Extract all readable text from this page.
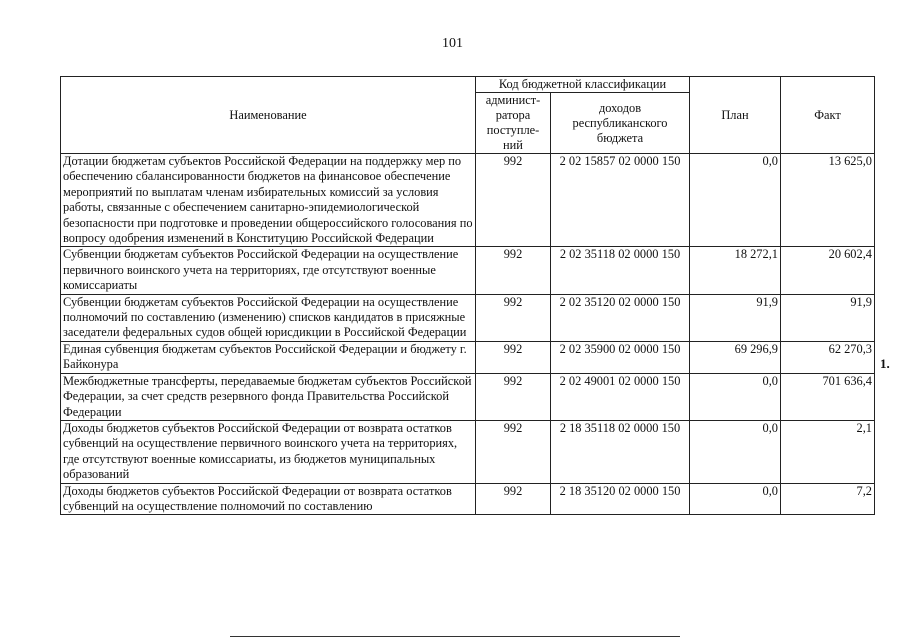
101
Наименование	Код бюджетной классификации		План	Факт
	админист-ратора поступле-ний	доходов республиканского бюджета		
Дотации бюджетам субъектов Российской Федерации на поддержку мер по обеспечению сбалансированности бюджетов на финансовое обеспечение мероприятий по выплатам членам избирательных комиссий за условия работы, связанные с обеспечением санитарно-эпидемиологической безопасности при подготовке и проведении общероссийского голосования по вопросу одобрения изменений в Конституцию Российской Федерации	992	2 02 15857 02 0000 150	0,0	13 625,0
Субвенции бюджетам субъектов Российской Федерации на осуществление первичного воинского учета на территориях, где отсутствуют военные комиссариаты	992	2 02 35118 02 0000 150	18 272,1	20 602,4
Субвенции бюджетам субъектов Российской Федерации на осуществление полномочий по составлению (изменению) списков кандидатов в присяжные заседатели федеральных судов общей юрисдикции в Российской Федерации	992	2 02 35120 02 0000 150	91,9	91,9
Единая субвенция бюджетам субъектов Российской Федерации и бюджету г. Байконура	992	2 02 35900 02 0000 150	69 296,9	62 270,3
Межбюджетные трансферты, передаваемые бюджетам субъектов Российской Федерации, за счет средств резервного фонда Правительства Российской Федерации	992	2 02 49001 02 0000 150	0,0	701 636,4
Доходы бюджетов субъектов Российской Федерации от возврата остатков субвенций на осуществление первичного воинского учета на территориях, где отсутствуют военные комиссариаты, из бюджетов муниципальных образований	992	2 18 35118 02 0000 150	0,0	2,1
Доходы бюджетов субъектов Российской Федерации от возврата остатков субвенций на осуществление полномочий по составлению	992	2 18 35120 02 0000 150	0,0	7,2
1.
